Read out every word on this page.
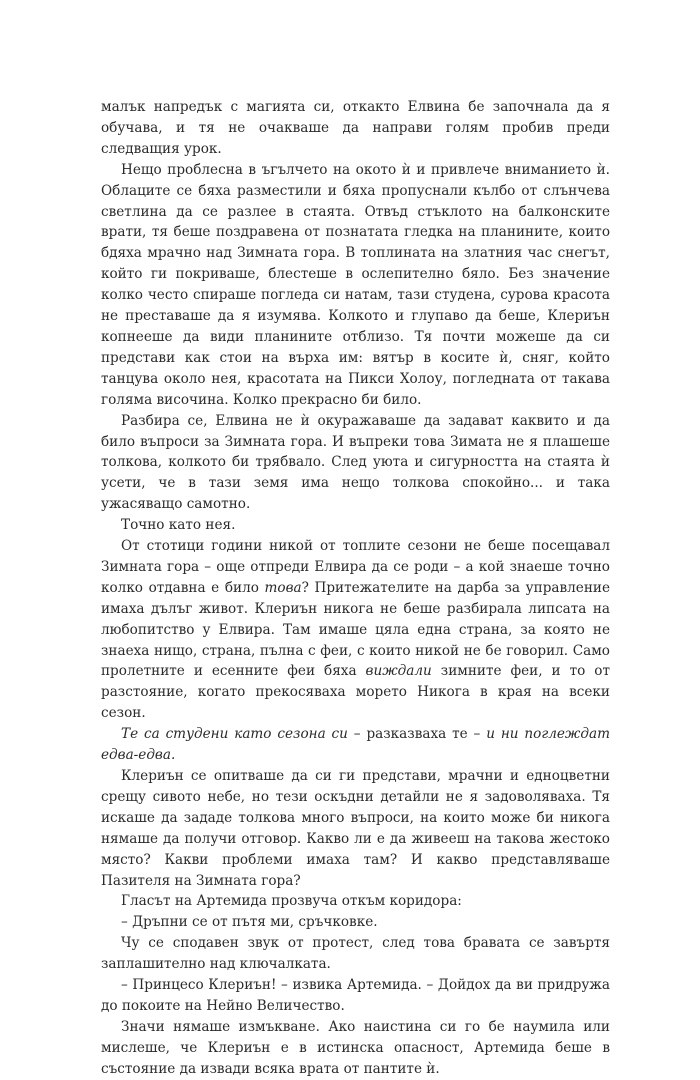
малък напредък с магията си, откакто Елвина бе започнала да я обучава, и тя не очакваше да направи голям пробив преди следващия урок.
Нещо проблесна в ъгълчето на окото ѝ и привлече вниманието ѝ. Облаците се бяха разместили и бяха пропуснали кълбо от слънчева светлина да се разлее в стаята. Отвъд стъклото на балконските врати, тя беше поздравена от познатата гледка на планините, които бдяха мрачно над Зимната гора. В топлината на златния час снегът, който ги покриваше, блестеше в ослепително бяло. Без значение колко често спираше погледа си натам, тази студена, сурова красота не преставаше да я изумява. Колкото и глупаво да беше, Клериън копнееше да види планините отблизо. Тя почти можеше да си представи как стои на върха им: вятър в косите ѝ, сняг, който танцува около нея, красотата на Пикси Холоу, погледната от такава голяма височина. Колко прекрасно би било.
Разбира се, Елвина не ѝ окуражаваше да задават каквито и да било въпроси за Зимната гора. И въпреки това Зимата не я плашеше толкова, колкото би трябвало. След уюта и сигурността на стаята ѝ усети, че в тази земя има нещо толкова спокойно... и така ужасяващо самотно.
Точно като нея.
От стотици години никой от топлите сезони не беше посещавал Зимната гора – още отпреди Елвира да се роди – а кой знаеше точно колко отдавна е било това? Притежателите на дарба за управление имаха дълъг живот. Клериън никога не беше разбирала липсата на любопитство у Елвира. Там имаше цяла една страна, за която не знаеха нищо, страна, пълна с феи, с които никой не бе говорил. Само пролетните и есенните феи бяха виждали зимните феи, и то от разстояние, когато прекосяваха морето Никога в края на всеки сезон.
Те са студени като сезона си – разказваха те – и ни поглеждат едва-едва.
Клериън се опитваше да си ги представи, мрачни и едноцветни срещу сивото небе, но тези оскъдни детайли не я задоволяваха. Тя искаше да зададе толкова много въпроси, на които може би никога нямаше да получи отговор. Какво ли е да живееш на такова жестоко място? Какви проблеми имаха там? И какво представляваше Пазителя на Зимната гора?
Гласът на Артемида прозвуча откъм коридора:
– Дръпни се от пътя ми, сръчковке.
Чу се сподавен звук от протест, след това бравата се завъртя заплашително над ключалката.
– Принцесо Клериън! – извика Артемида. – Дойдох да ви придружа до покоите на Нейно Величество.
Значи нямаше измъкване. Ако наистина си го бе наумила или мислеше, че Клериън е в истинска опасност, Артемида беше в състояние да извади всяка врата от пантите ѝ.
